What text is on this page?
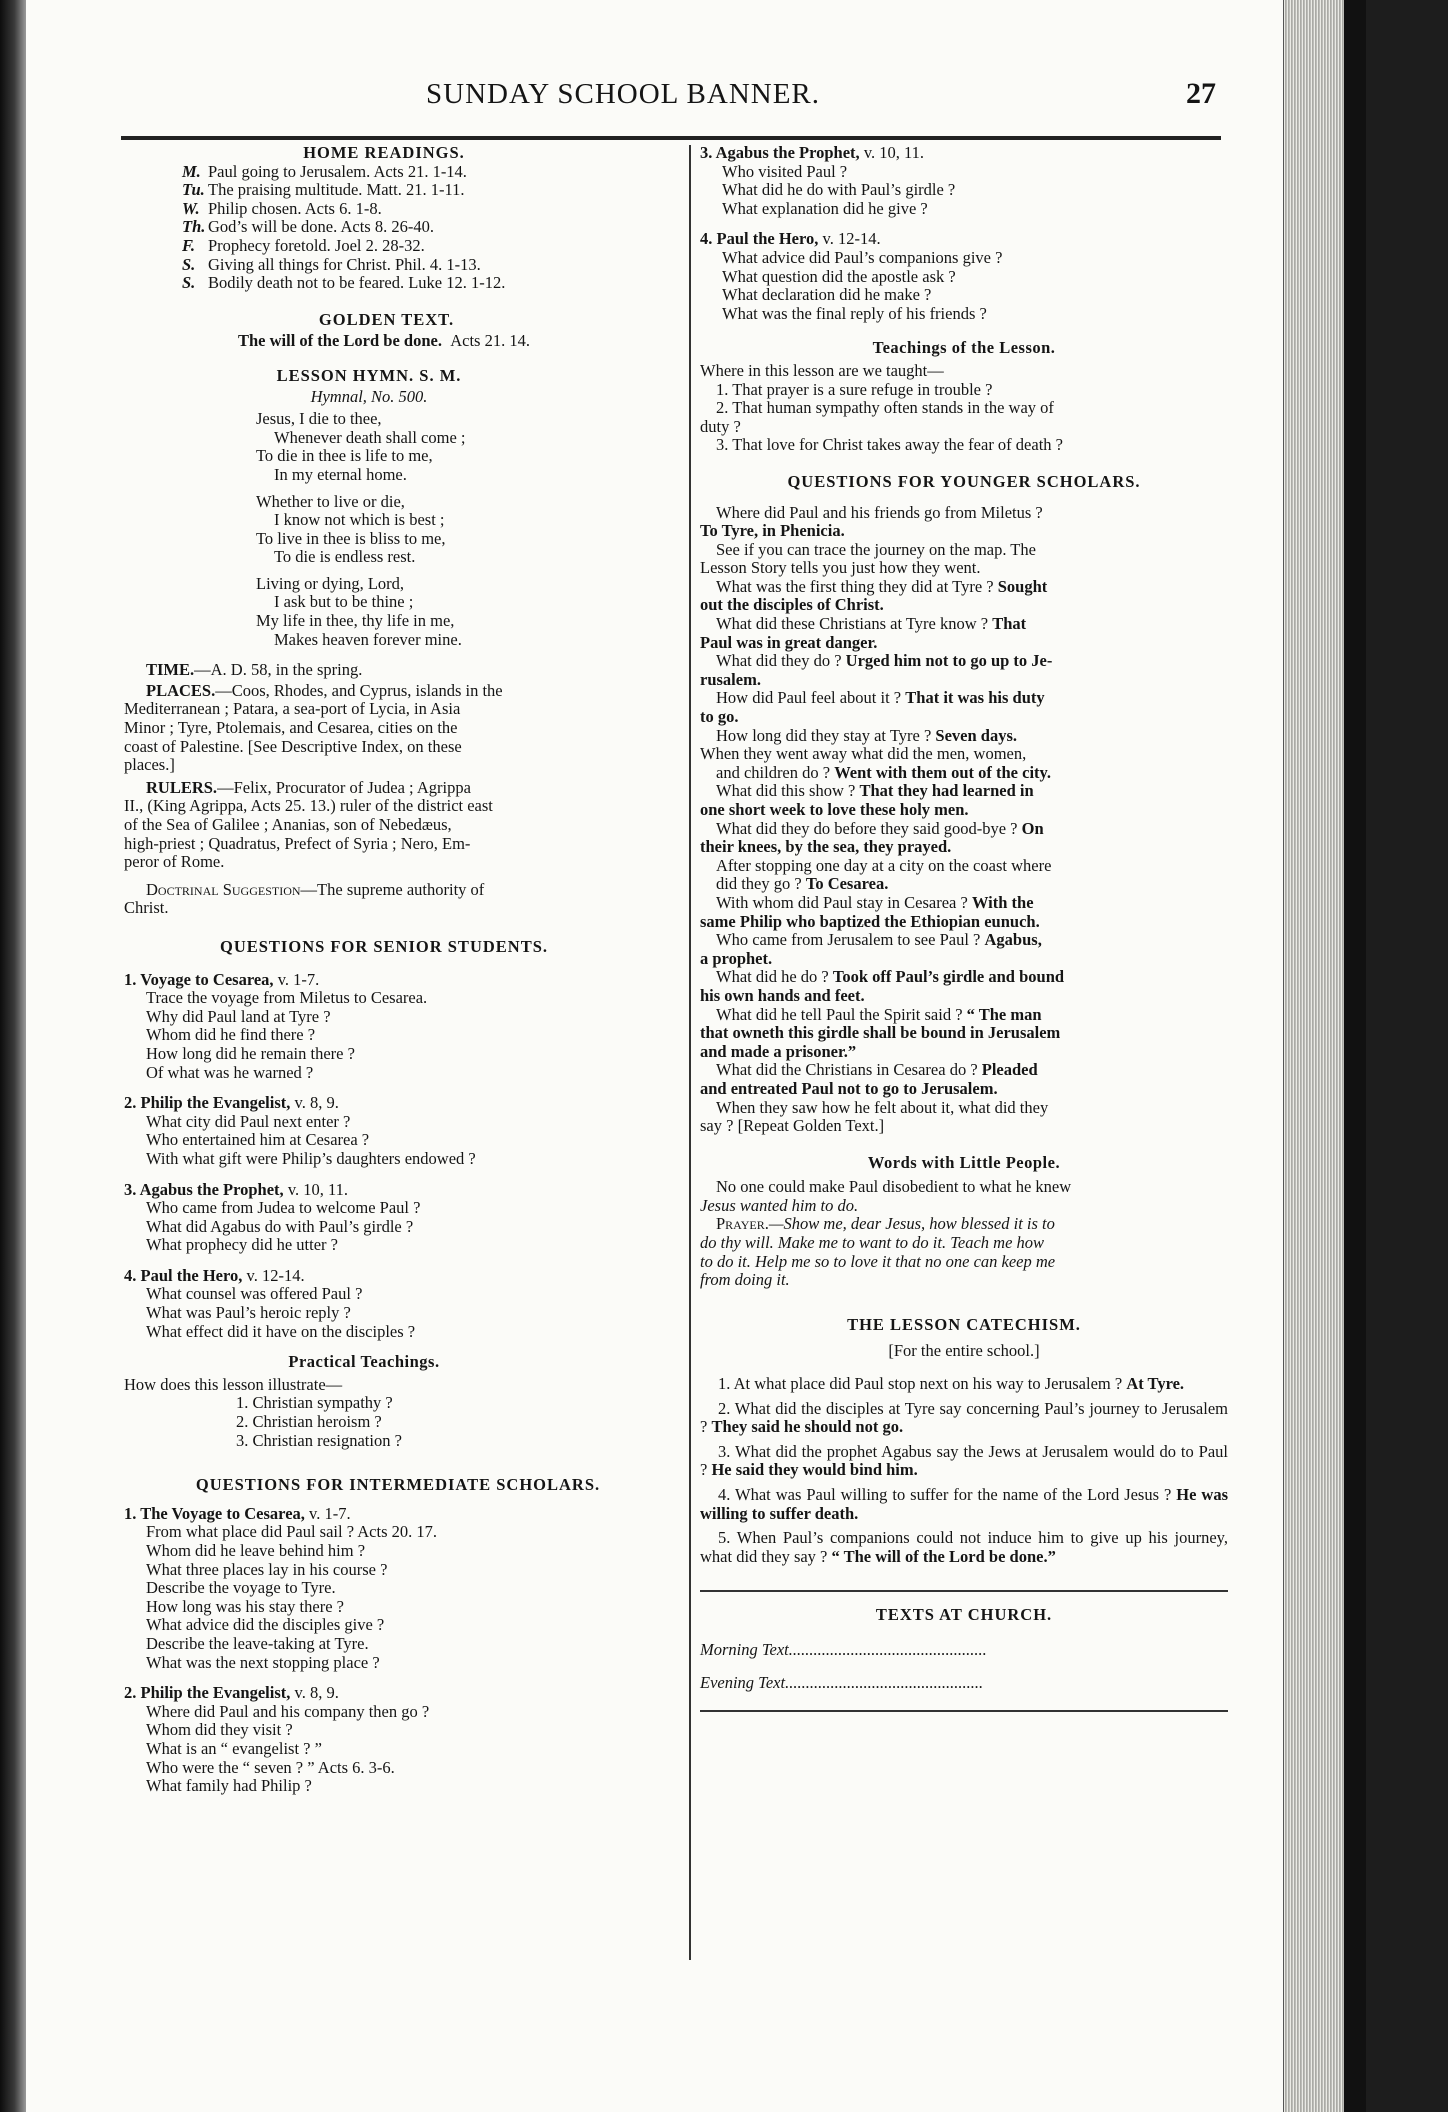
SUNDAY SCHOOL BANNER.	27
HOME READINGS.
M. Paul going to Jerusalem. Acts 21. 1-14.
Tu. The praising multitude. Matt. 21. 1-11.
W. Philip chosen. Acts 6. 1-8.
Th. God’s will be done. Acts 8. 26-40.
F. Prophecy foretold. Joel 2. 28-32.
S. Giving all things for Christ. Phil. 4. 1-13.
S. Bodily death not to be feared. Luke 12. 1-12.
GOLDEN TEXT.
The will of the Lord be done. Acts 21. 14.
LESSON HYMN. S. M.
Hymnal, No. 500.
Jesus, I die to thee,
Whenever death shall come ;
To die in thee is life to me,
In my eternal home.
Whether to live or die,
I know not which is best ;
To live in thee is bliss to me,
To die is endless rest.
Living or dying, Lord,
I ask but to be thine ;
My life in thee, thy life in me,
Makes heaven forever mine.
TIME.—A. D. 58, in the spring.
PLACES.—Coos, Rhodes, and Cyprus, islands in the
Mediterranean ; Patara, a sea-port of Lycia, in Asia
Minor ; Tyre, Ptolemais, and Cesarea, cities on the
coast of Palestine. [See Descriptive Index, on these
places.]
RULERS.—Felix, Procurator of Judea ; Agrippa
II., (King Agrippa, Acts 25. 13.) ruler of the district east
of the Sea of Galilee ; Ananias, son of Nebedæus,
high-priest ; Quadratus, Prefect of Syria ; Nero, Em-
peror of Rome.
Doctrinal Suggestion—The supreme authority of
Christ.
QUESTIONS FOR SENIOR STUDENTS.
1. Voyage to Cesarea, v. 1-7.
Trace the voyage from Miletus to Cesarea.
Why did Paul land at Tyre ?
Whom did he find there ?
How long did he remain there ?
Of what was he warned ?
2. Philip the Evangelist, v. 8, 9.
What city did Paul next enter ?
Who entertained him at Cesarea ?
With what gift were Philip’s daughters endowed ?
3. Agabus the Prophet, v. 10, 11.
Who came from Judea to welcome Paul ?
What did Agabus do with Paul’s girdle ?
What prophecy did he utter ?
4. Paul the Hero, v. 12-14.
What counsel was offered Paul ?
What was Paul’s heroic reply ?
What effect did it have on the disciples ?
Practical Teachings.
How does this lesson illustrate—
1. Christian sympathy ?
2. Christian heroism ?
3. Christian resignation ?
QUESTIONS FOR INTERMEDIATE SCHOLARS.
1. The Voyage to Cesarea, v. 1-7.
From what place did Paul sail ? Acts 20. 17.
Whom did he leave behind him ?
What three places lay in his course ?
Describe the voyage to Tyre.
How long was his stay there ?
What advice did the disciples give ?
Describe the leave-taking at Tyre.
What was the next stopping place ?
2. Philip the Evangelist, v. 8, 9.
Where did Paul and his company then go ?
Whom did they visit ?
What is an “ evangelist ? ”
Who were the “ seven ? ” Acts 6. 3-6.
What family had Philip ?
3. Agabus the Prophet, v. 10, 11.
Who visited Paul ?
What did he do with Paul’s girdle ?
What explanation did he give ?
4. Paul the Hero, v. 12-14.
What advice did Paul’s companions give ?
What question did the apostle ask ?
What declaration did he make ?
What was the final reply of his friends ?
Teachings of the Lesson.
Where in this lesson are we taught—
1. That prayer is a sure refuge in trouble ?
2. That human sympathy often stands in the way of
duty ?
3. That love for Christ takes away the fear of death ?
QUESTIONS FOR YOUNGER SCHOLARS.
Where did Paul and his friends go from Miletus ?
To Tyre, in Phenicia.
See if you can trace the journey on the map. The
Lesson Story tells you just how they went.
What was the first thing they did at Tyre ? Sought
out the disciples of Christ.
What did these Christians at Tyre know ? That
Paul was in great danger.
What did they do ? Urged him not to go up to Je-
rusalem.
How did Paul feel about it ? That it was his duty
to go.
How long did they stay at Tyre ? Seven days.
When they went away what did the men, women,
and children do ? Went with them out of the city.
What did this show ? That they had learned in
one short week to love these holy men.
What did they do before they said good-bye ? On
their knees, by the sea, they prayed.
After stopping one day at a city on the coast where
did they go ? To Cesarea.
With whom did Paul stay in Cesarea ? With the
same Philip who baptized the Ethiopian eunuch.
Who came from Jerusalem to see Paul ? Agabus,
a prophet.
What did he do ? Took off Paul’s girdle and bound
his own hands and feet.
What did he tell Paul the Spirit said ? “ The man
that owneth this girdle shall be bound in Jerusalem
and made a prisoner.”
What did the Christians in Cesarea do ? Pleaded
and entreated Paul not to go to Jerusalem.
When they saw how he felt about it, what did they
say ? [Repeat Golden Text.]
Words with Little People.
No one could make Paul disobedient to what he knew
Jesus wanted him to do.
Prayer.—Show me, dear Jesus, how blessed it is to
do thy will. Make me to want to do it. Teach me how
to do it. Help me so to love it that no one can keep me
from doing it.
THE LESSON CATECHISM.
[For the entire school.]
1. At what place did Paul stop next on his way to Jerusalem ? At Tyre.
2. What did the disciples at Tyre say concerning Paul’s journey to Jerusalem ? They said he should not go.
3. What did the prophet Agabus say the Jews at Jerusalem would do to Paul ? He said they would bind him.
4. What was Paul willing to suffer for the name of the Lord Jesus ? He was willing to suffer death.
5. When Paul’s companions could not induce him to give up his journey, what did they say ? “ The will of the Lord be done.”
TEXTS AT CHURCH.
Morning Text................................................
Evening Text................................................
